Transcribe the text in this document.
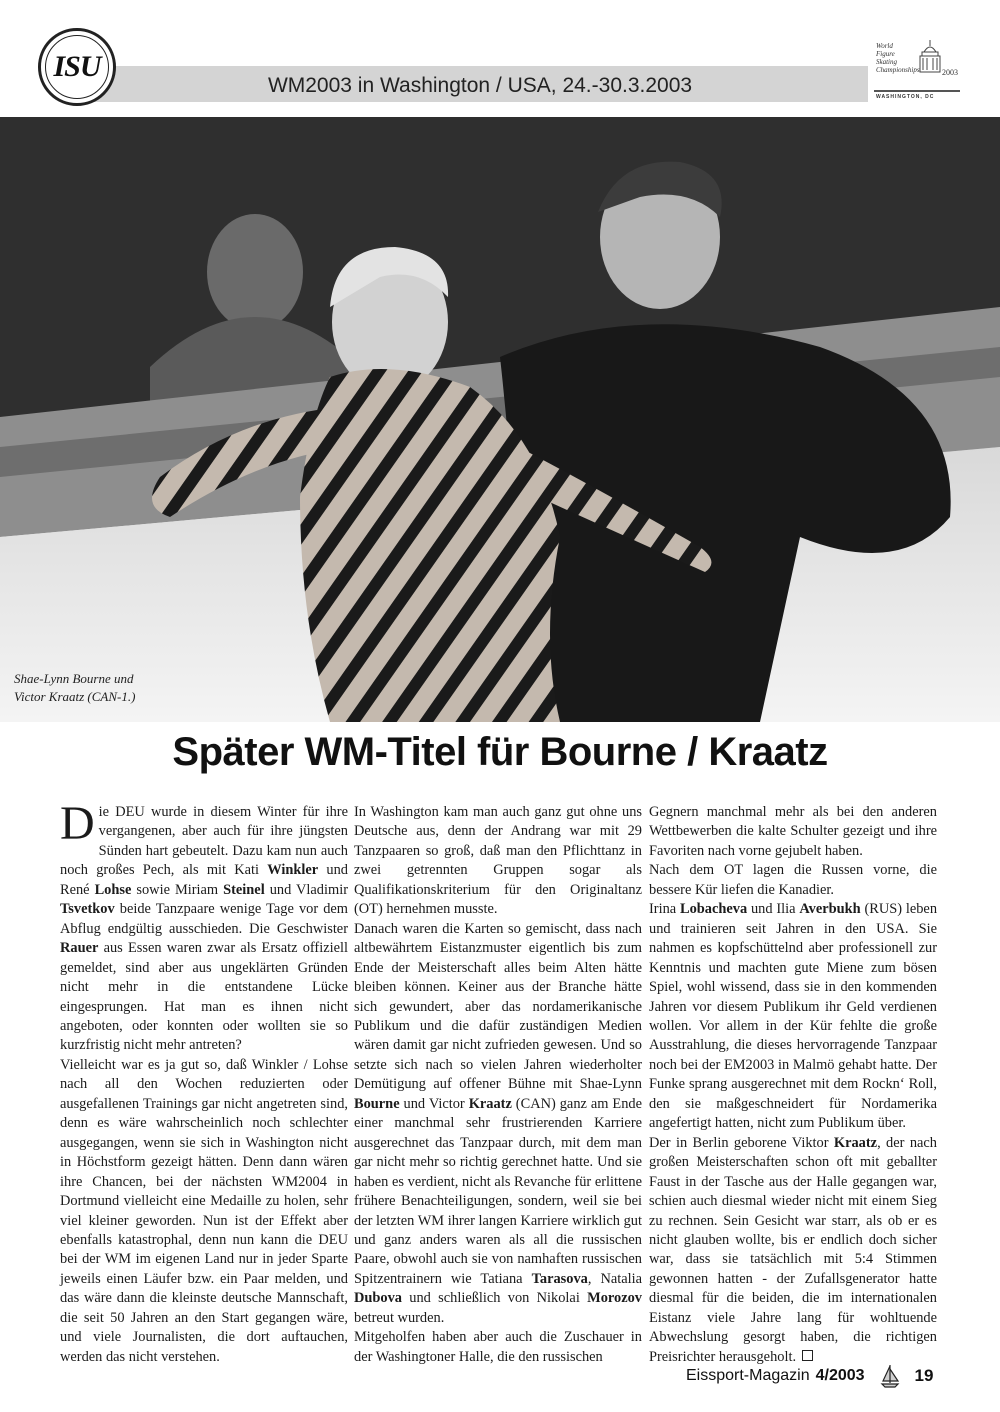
ISU
WM2003 in Washington / USA, 24.-30.3.2003
World
Figure
Skating
Championships	2003
WASHINGTON, DC
Shae-Lynn Bourne und
Victor Kraatz (CAN-1.)
Später WM-Titel für Bourne / Kraatz

Die DEU wurde in diesem Winter für ihre vergangenen, aber auch für ihre jüngsten Sünden hart gebeutelt. Dazu kam nun auch noch großes Pech, als mit Kati Winkler und René Lohse sowie Miriam Steinel und Vladimir Tsvetkov beide Tanzpaare wenige Tage vor dem Abflug endgültig ausschieden. Die Geschwister Rauer aus Essen waren zwar als Ersatz offiziell gemeldet, sind aber aus ungeklärten Gründen nicht mehr in die entstandene Lücke eingesprungen. Hat man es ihnen nicht angeboten, oder konnten oder wollten sie so kurzfristig nicht mehr antreten?

Vielleicht war es ja gut so, daß Winkler / Lohse nach all den Wochen reduzierten oder ausgefallenen Trainings gar nicht angetreten sind, denn es wäre wahrscheinlich noch schlechter ausgegangen, wenn sie sich in Washington nicht in Höchstform gezeigt hätten. Denn dann wären ihre Chancen, bei der nächsten WM2004 in Dortmund vielleicht eine Medaille zu holen, sehr viel kleiner geworden. Nun ist der Effekt aber ebenfalls katastrophal, denn nun kann die DEU bei der WM im eigenen Land nur in jeder Sparte jeweils einen Läufer bzw. ein Paar melden, und das wäre dann die kleinste deutsche Mannschaft, die seit 50 Jahren an den Start gegangen wäre, und viele Journalisten, die dort auftauchen, werden das nicht verstehen.

In Washington kam man auch ganz gut ohne uns Deutsche aus, denn der Andrang war mit 29 Tanzpaaren so groß, daß man den Pflichttanz in zwei getrennten Gruppen sogar als Qualifikationskriterium für den Originaltanz (OT) hernehmen musste.

Danach waren die Karten so gemischt, dass nach altbewährtem Eistanzmuster eigentlich bis zum Ende der Meisterschaft alles beim Alten hätte bleiben können. Keiner aus der Branche hätte sich gewundert, aber das nordamerikanische Publikum und die dafür zuständigen Medien wären damit gar nicht zufrieden gewesen. Und so setzte sich nach so vielen Jahren wiederholter Demütigung auf offener Bühne mit Shae-Lynn Bourne und Victor Kraatz (CAN) ganz am Ende einer manchmal sehr frustrierenden Karriere ausgerechnet das Tanzpaar durch, mit dem man gar nicht mehr so richtig gerechnet hatte. Und sie haben es verdient, nicht als Revanche für erlittene frühere Benachteiligungen, sondern, weil sie bei der letzten WM ihrer langen Karriere wirklich gut und ganz anders waren als all die russischen Paare, obwohl auch sie von namhaften russischen Spitzentrainern wie Tatiana Tarasova, Natalia Dubova und schließlich von Nikolai Morozov betreut wurden.

Mitgeholfen haben aber auch die Zuschauer in der Washingtoner Halle, die den russischen

Gegnern manchmal mehr als bei den anderen Wettbewerben die kalte Schulter gezeigt und ihre Favoriten nach vorne gejubelt haben.

Nach dem OT lagen die Russen vorne, die bessere Kür liefen die Kanadier.

Irina Lobacheva und Ilia Averbukh (RUS) leben und trainieren seit Jahren in den USA. Sie nahmen es kopfschüttelnd aber professionell zur Kenntnis und machten gute Miene zum bösen Spiel, wohl wissend, dass sie in den kommenden Jahren vor diesem Publikum ihr Geld verdienen wollen. Vor allem in der Kür fehlte die große Ausstrahlung, die dieses hervorragende Tanzpaar noch bei der EM2003 in Malmö gehabt hatte. Der Funke sprang ausgerechnet mit dem Rockn‘ Roll, den sie maßgeschneidert für Nordamerika angefertigt hatten, nicht zum Publikum über.

Der in Berlin geborene Viktor Kraatz, der nach großen Meisterschaften schon oft mit geballter Faust in der Tasche aus der Halle gegangen war, schien auch diesmal wieder nicht mit einem Sieg zu rechnen. Sein Gesicht war starr, als ob er es nicht glauben wollte, bis er endlich doch sicher war, dass sie tatsächlich mit 5:4 Stimmen gewonnen hatten - der Zufallsgenerator hatte diesmal für die beiden, die im internationalen Eistanz viele Jahre lang für wohltuende Abwechslung gesorgt haben, die richtigen Preisrichter herausgeholt.

Eissport-Magazin 4/2003	19
